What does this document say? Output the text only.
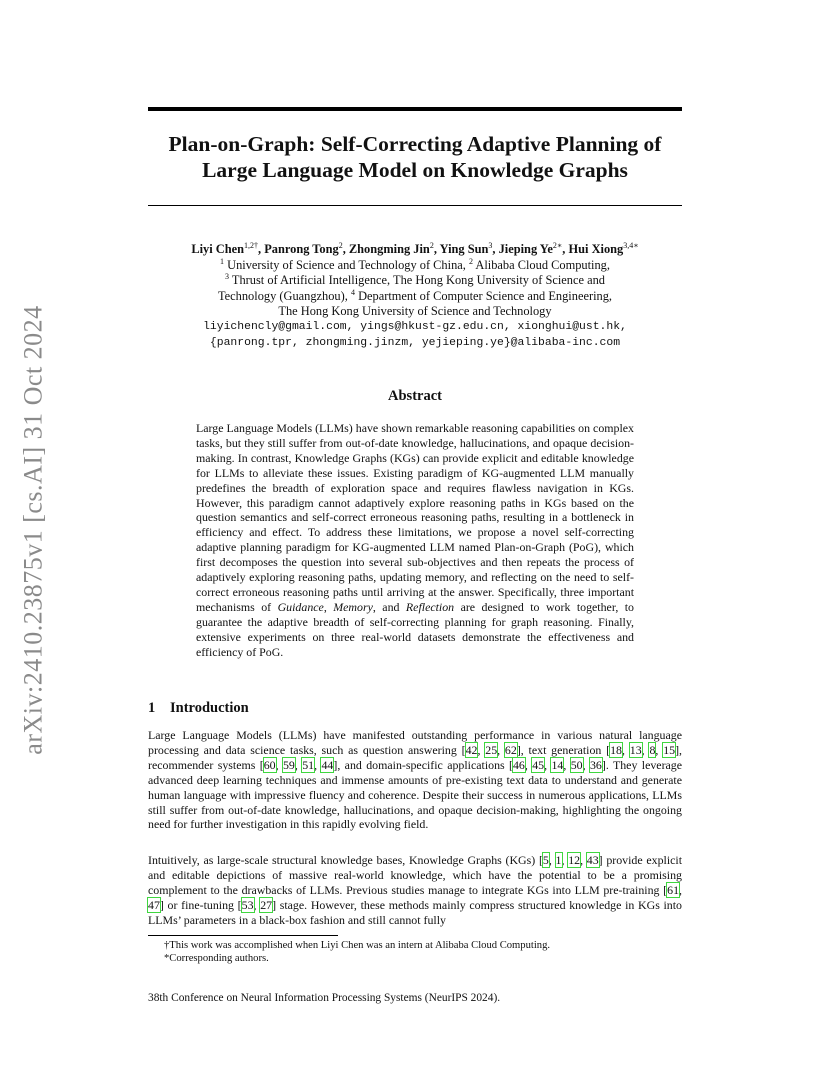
arXiv:2410.23875v1 [cs.AI] 31 Oct 2024
Plan-on-Graph: Self-Correcting Adaptive Planning of
Large Language Model on Knowledge Graphs
Liyi Chen$^{1,2\dagger}$, Panrong Tong$^2$, Zhongming Jin$^2$, Ying Sun$^3$, Jieping $Ye^{2∗}$, Hui Xiong$^{3,4∗}$
$^1$ University of Science and Technology of China, $^2$ Alibaba Cloud Computing,
$^3$ Thrust of Artificial Intelligence, The Hong Kong University of Science and
Technology (Guangzhou), $^4$ Department of Computer Science and Engineering,
The Hong Kong University of Science and Technology
liyichencly@gmail.com, yings@hkust-gz.edu.cn, xionghui@ust.hk,
{panrong.tpr, zhongming.jinzm, yejieping.ye}@alibaba-inc.com
Abstract

Large Language Models (LLMs) have shown remarkable reasoning capabilities on complex tasks, but they still suffer from out-of-date knowledge, hallucinations, and opaque decision-making. In contrast, Knowledge Graphs (KGs) can provide explicit and editable knowledge for LLMs to alleviate these issues. Existing paradigm of KG-augmented LLM manually predefines the breadth of exploration space and requires flawless navigation in KGs. However, this paradigm cannot adaptively explore reasoning paths in KGs based on the question semantics and self-correct erroneous reasoning paths, resulting in a bottleneck in efficiency and effect. To address these limitations, we propose a novel self-correcting adaptive planning paradigm for KG-augmented LLM named Plan-on-Graph (PoG), which first decomposes the question into several sub-objectives and then repeats the process of adaptively exploring reasoning paths, updating memory, and reflecting on the need to self-correct erroneous reasoning paths until arriving at the answer. Specifically, three important mechanisms of Guidance, Memory, and Reflection are designed to work together, to guarantee the adaptive breadth of self-correcting planning for graph reasoning. Finally, extensive experiments on three real-world datasets demonstrate the effectiveness and efficiency of PoG.

1 Introduction

Large Language Models (LLMs) have manifested outstanding performance in various natural language processing and data science tasks, such as question answering [42, 25, 62], text generation [18, 13, 8, 15], recommender systems [60, 59, 51, 44], and domain-specific applications [46, 45, 14, 50, 36]. They leverage advanced deep learning techniques and immense amounts of pre-existing text data to understand and generate human language with impressive fluency and coherence. Despite their success in numerous applications, LLMs still suffer from out-of-date knowledge, hallucinations, and opaque decision-making, highlighting the ongoing need for further investigation in this rapidly evolving field.

Intuitively, as large-scale structural knowledge bases, Knowledge Graphs (KGs) [5, 1, 12, 43] provide explicit and editable depictions of massive real-world knowledge, which have the potential to be a promising complement to the drawbacks of LLMs. Previous studies manage to integrate KGs into LLM pre-training [61, 47] or fine-tuning [53, 27] stage. However, these methods mainly compress structured knowledge in KGs into LLMs’ parameters in a black-box fashion and still cannot fully

†This work was accomplished when Liyi Chen was an intern at Alibaba Cloud Computing.

*Corresponding authors.

38th Conference on Neural Information Processing Systems (NeurIPS 2024).
